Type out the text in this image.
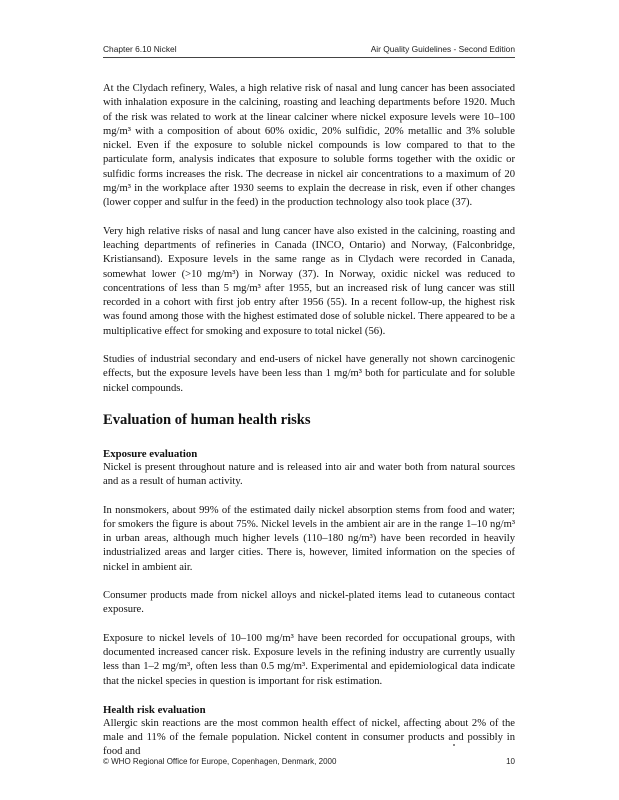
Chapter 6.10 Nickel	Air Quality Guidelines - Second Edition

At the Clydach refinery, Wales, a high relative risk of nasal and lung cancer has been associated with inhalation exposure in the calcining, roasting and leaching departments before 1920. Much of the risk was related to work at the linear calciner where nickel exposure levels were 10–100 mg/m³ with a composition of about 60% oxidic, 20% sulfidic, 20% metallic and 3% soluble nickel. Even if the exposure to soluble nickel compounds is low compared to that to the particulate form, analysis indicates that exposure to soluble forms together with the oxidic or sulfidic forms increases the risk. The decrease in nickel air concentrations to a maximum of 20 mg/m³ in the workplace after 1930 seems to explain the decrease in risk, even if other changes (lower copper and sulfur in the feed) in the production technology also took place (37).

Very high relative risks of nasal and lung cancer have also existed in the calcining, roasting and leaching departments of refineries in Canada (INCO, Ontario) and Norway, (Falconbridge, Kristiansand). Exposure levels in the same range as in Clydach were recorded in Canada, somewhat lower (>10 mg/m³) in Norway (37). In Norway, oxidic nickel was reduced to concentrations of less than 5 mg/m³ after 1955, but an increased risk of lung cancer was still recorded in a cohort with first job entry after 1956 (55). In a recent follow-up, the highest risk was found among those with the highest estimated dose of soluble nickel. There appeared to be a multiplicative effect for smoking and exposure to total nickel (56).

Studies of industrial secondary and end-users of nickel have generally not shown carcinogenic effects, but the exposure levels have been less than 1 mg/m³ both for particulate and for soluble nickel compounds.

Evaluation of human health risks
Exposure evaluation

Nickel is present throughout nature and is released into air and water both from natural sources and as a result of human activity.

In nonsmokers, about 99% of the estimated daily nickel absorption stems from food and water; for smokers the figure is about 75%. Nickel levels in the ambient air are in the range 1–10 ng/m³ in urban areas, although much higher levels (110–180 ng/m³) have been recorded in heavily industrialized areas and larger cities. There is, however, limited information on the species of nickel in ambient air.

Consumer products made from nickel alloys and nickel-plated items lead to cutaneous contact exposure.

Exposure to nickel levels of 10–100 mg/m³ have been recorded for occupational groups, with documented increased cancer risk. Exposure levels in the refining industry are currently usually less than 1–2 mg/m³, often less than 0.5 mg/m³. Experimental and epidemiological data indicate that the nickel species in question is important for risk estimation.

Health risk evaluation

Allergic skin reactions are the most common health effect of nickel, affecting about 2% of the male and 11% of the female population. Nickel content in consumer products and possibly in food and

© WHO Regional Office for Europe, Copenhagen, Denmark, 2000	10
